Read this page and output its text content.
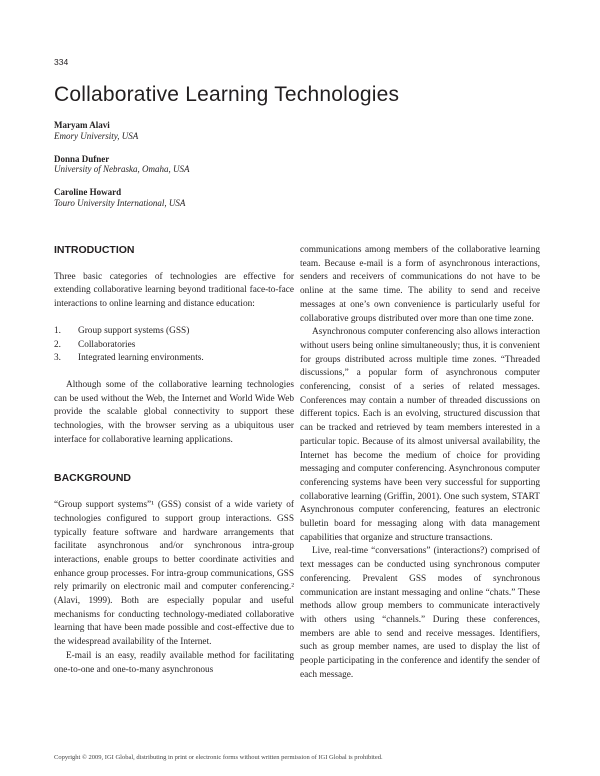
334
Collaborative Learning Technologies
Maryam Alavi
Emory University, USA
Donna Dufner
University of Nebraska, Omaha, USA
Caroline Howard
Touro University International, USA
INTRODUCTION

Three basic categories of technologies are effective for extending collaborative learning beyond traditional face-to-face interactions to online learning and distance education:

1.	Group support systems (GSS)
2.	Collaboratories
3.	Integrated learning environments.

Although some of the collaborative learning technologies can be used without the Web, the Internet and World Wide Web provide the scalable global connectivity to support these technologies, with the browser serving as a ubiquitous user interface for collaborative learning applications.

BACKGROUND

“Group support systems”¹ (GSS) consist of a wide variety of technologies configured to support group interactions. GSS typically feature software and hardware arrangements that facilitate asynchronous and/or synchronous intra-group interactions, enable groups to better coordinate activities and enhance group processes. For intra-group communications, GSS rely primarily on electronic mail and computer conferencing.² (Alavi, 1999). Both are especially popular and useful mechanisms for conducting technology-mediated collaborative learning that have been made possible and cost-effective due to the widespread availability of the Internet.

E-mail is an easy, readily available method for facilitating one-to-one and one-to-many asynchronous

communications among members of the collaborative learning team. Because e-mail is a form of asynchronous interactions, senders and receivers of communications do not have to be online at the same time. The ability to send and receive messages at one’s own convenience is particularly useful for collaborative groups distributed over more than one time zone.

Asynchronous computer conferencing also allows interaction without users being online simultaneously; thus, it is convenient for groups distributed across multiple time zones. “Threaded discussions,” a popular form of asynchronous computer conferencing, consist of a series of related messages. Conferences may contain a number of threaded discussions on different topics. Each is an evolving, structured discussion that can be tracked and retrieved by team members interested in a particular topic. Because of its almost universal availability, the Internet has become the medium of choice for providing messaging and computer conferencing. Asynchronous computer conferencing systems have been very successful for supporting collaborative learning (Griffin, 2001). One such system, START Asynchronous computer conferencing, features an electronic bulletin board for messaging along with data management capabilities that organize and structure transactions.

Live, real-time “conversations” (interactions?) comprised of text messages can be conducted using synchronous computer conferencing. Prevalent GSS modes of synchronous communication are instant messaging and online “chats.” These methods allow group members to communicate interactively with others using “channels.” During these conferences, members are able to send and receive messages. Identifiers, such as group member names, are used to display the list of people participating in the conference and identify the sender of each message.

Copyright © 2009, IGI Global, distributing in print or electronic forms without written permission of IGI Global is prohibited.
